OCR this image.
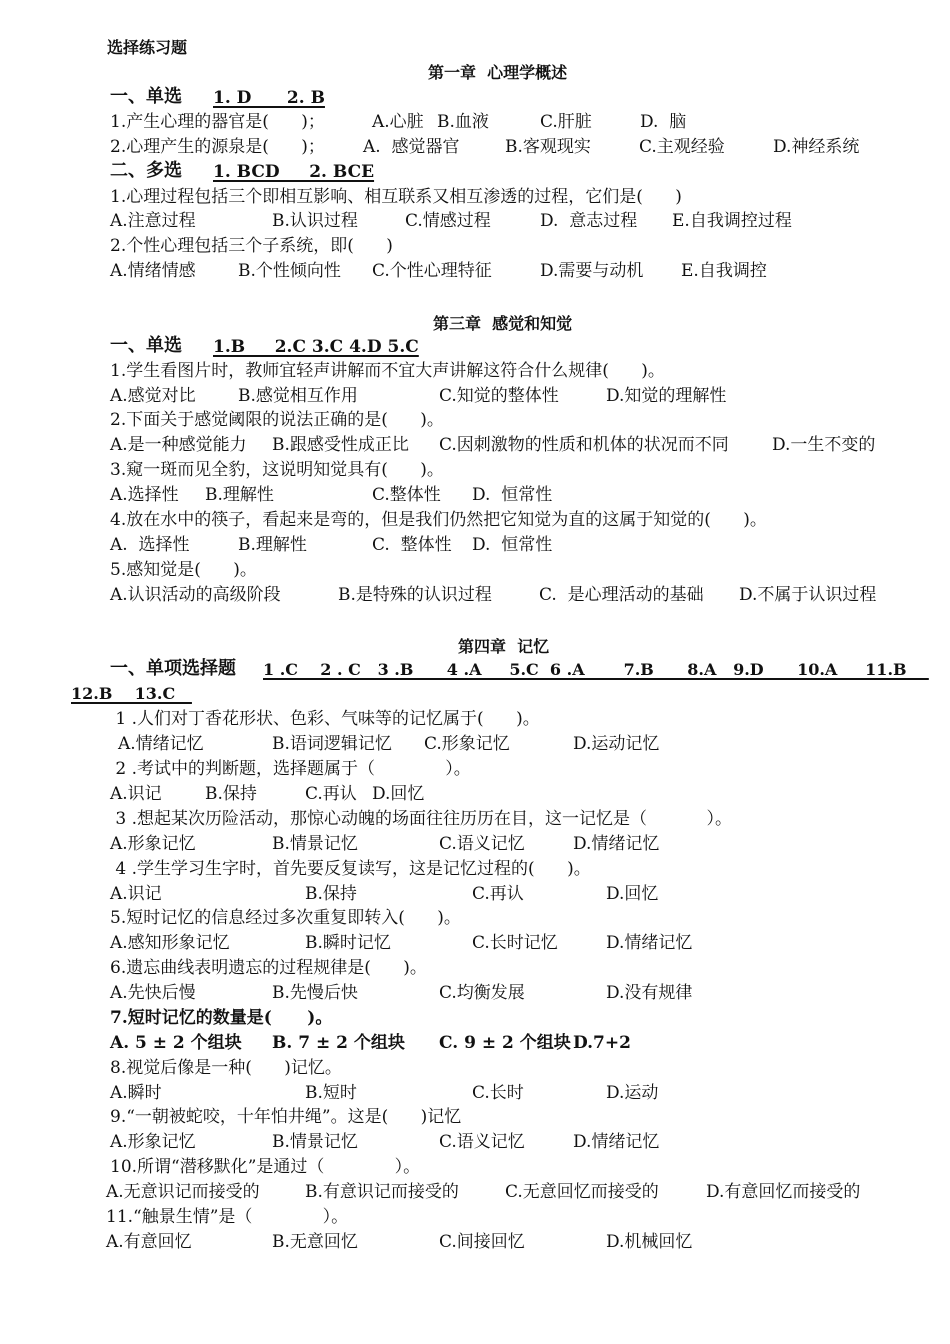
选择练习题
第一章  心理学概述
一、单选 1. D      2. B
1.产生心理的器官是(      )；	A.心脏 B.血液	C.肝脏	D.  脑
2.心理产生的源泉是(      )； A.  感觉器官	B.客观现实	C.主观经验	D.神经系统
二、多选 1. BCD     2. BCE
1.心理过程包括三个即相互影响、相互联系又相互渗透的过程，它们是(      )
A.注意过程	B.认识过程	C.情感过程	D.  意志过程 E.自我调控过程
2.个性心理包括三个子系统，即(      )
A.情绪情感 B.个性倾向性 C.个性心理特征	D.需要与动机 E.自我调控
第三章  感觉和知觉
一、单选 1.B     2.C 3.C 4.D 5.C
1.学生看图片时，教师宜轻声讲解而不宜大声讲解这符合什么规律(      )。
A.感觉对比 B.感觉相互作用	C.知觉的整体性	D.知觉的理解性
2.下面关于感觉阈限的说法正确的是(      )。
A.是一种感觉能力 B.跟感受性成正比 C.因刺激物的性质和机体的状况而不同	D.一生不变的
3.窥一斑而见全豹，这说明知觉具有(      )。
A.选择性 B.理解性	C.整体性 D.  恒常性
4.放在水中的筷子，看起来是弯的，但是我们仍然把它知觉为直的这属于知觉的(      )。
A.  选择性	B.理解性	C.  整体性 D.  恒常性
5.感知觉是(      )。
A.认识活动的高级阶段	B.是特殊的认识过程	C.  是心理活动的基础 D.不属于认识过程
第四章  记忆
一、单项选择题 1 .C    2 . C   3 .B      4 .A     5.C  6 .A       7.B      8.A   9.D      10.A     11.B
12.B    13.C
1 .人们对丁香花形状、色彩、气味等的记忆属于(      )。
A.情绪记忆	B.语词逻辑记忆 C.形象记忆	D.运动记忆
2 .考试中的判断题，选择题属于（             ）。
A.识记	B.保持	C.再认 D.回忆
3 .想起某次历险活动，那惊心动魄的场面往往历历在目，这一记忆是（           ）。
A.形象记忆	B.情景记忆	C.语义记忆	D.情绪记忆
4 .学生学习生字时，首先要反复读写，这是记忆过程的(      )。
A.识记	B.保持	C.再认	D.回忆
5.短时记忆的信息经过多次重复即转入(      )。
A.感知形象记忆	B.瞬时记忆	C.长时记忆	D.情绪记忆
6.遗忘曲线表明遗忘的过程规律是(      )。
A.先快后慢	B.先慢后快	C.均衡发展	D.没有规律
7.短时记忆的数量是(      )。
A. 5 ± 2 个组块 B. 7 ± 2 个组块 C. 9 ± 2 个组块 D.7+2
8.视觉后像是一种(      )记忆。
A.瞬时	B.短时	C.长时	D.运动
9.“一朝被蛇咬，十年怕井绳”。这是(      )记忆
A.形象记忆	B.情景记忆	C.语义记忆	D.情绪记忆
10.所谓“潜移默化”是通过（             ）。
A.无意识记而接受的	B.有意识记而接受的	C.无意回忆而接受的	D.有意回忆而接受的
11.“触景生情”是（             ）。
A.有意回忆	B.无意回忆	C.间接回忆	D.机械回忆
